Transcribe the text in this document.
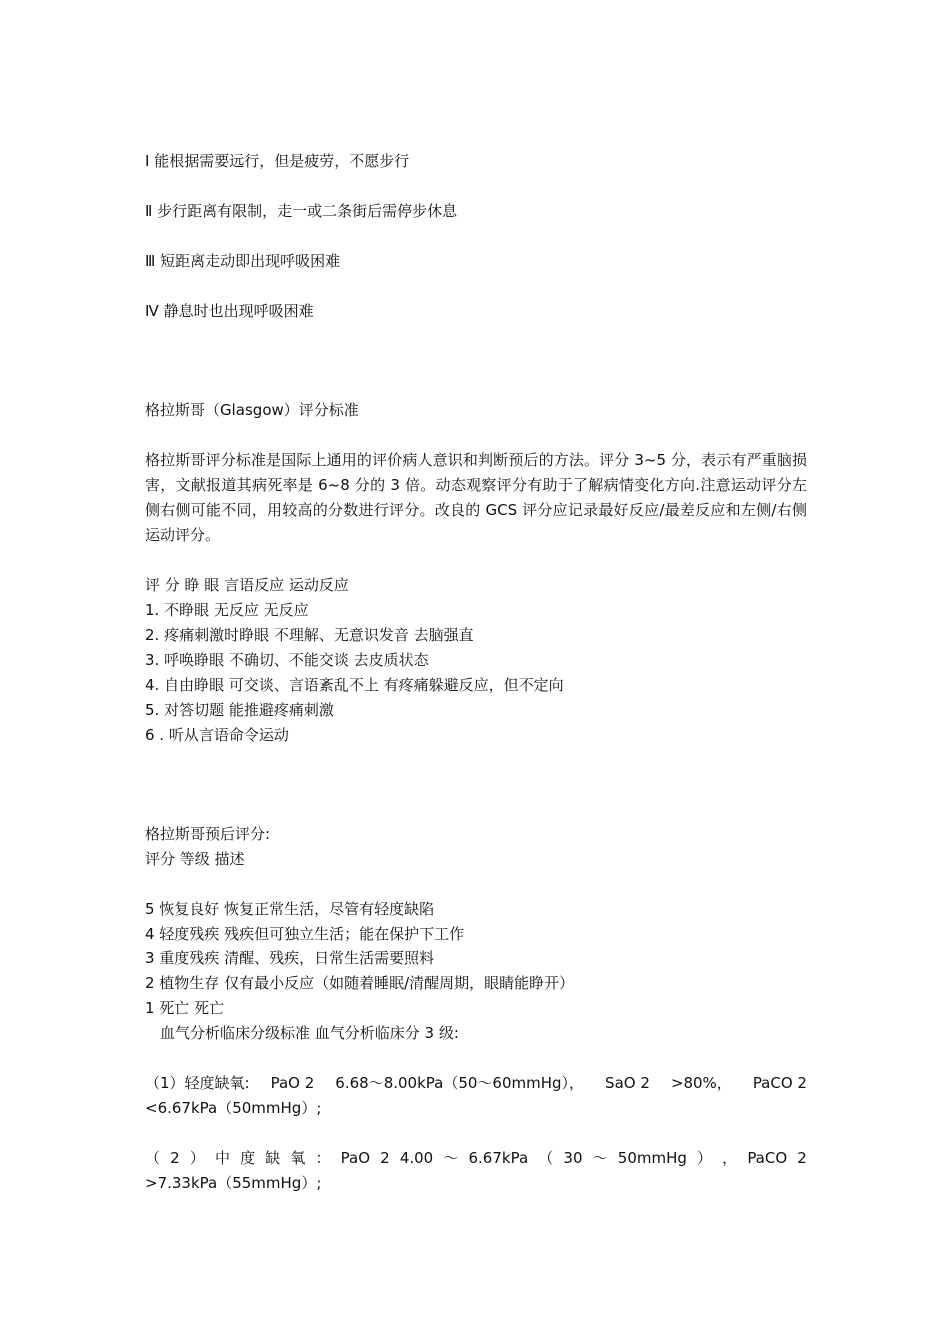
Ⅰ 能根据需要远行，但是疲劳，不愿步行
Ⅱ 步行距离有限制，走一或二条街后需停步休息
Ⅲ 短距离走动即出现呼吸困难
Ⅳ 静息时也出现呼吸困难
格拉斯哥（Glasgow）评分标准
格拉斯哥评分标准是国际上通用的评价病人意识和判断预后的方法。评分 3~5 分，表示有严重脑损害，文献报道其病死率是 6~8 分的 3 倍。动态观察评分有助于了解病情变化方向.注意运动评分左侧右侧可能不同，用较高的分数进行评分。改良的 GCS 评分应记录最好反应/最差反应和左侧/右侧运动评分。
评 分 睁 眼 言语反应 运动反应
1. 不睁眼 无反应 无反应
2. 疼痛刺激时睁眼 不理解、无意识发音 去脑强直
3. 呼唤睁眼 不确切、不能交谈 去皮质状态
4. 自由睁眼 可交谈、言语紊乱不上 有疼痛躲避反应，但不定向
5. 对答切题 能推避疼痛刺激
6 . 听从言语命令运动
格拉斯哥预后评分:
评分 等级 描述
5 恢复良好 恢复正常生活，尽管有轻度缺陷
4 轻度残疾 残疾但可独立生活；能在保护下工作
3 重度残疾 清醒、残疾，日常生活需要照料
2 植物生存 仅有最小反应（如随着睡眠/清醒周期，眼睛能睁开）
1 死亡 死亡
血气分析临床分级标准 血气分析临床分 3 级:
（1）轻度缺氧: PaO 2 6.68～8.00kPa（50～60mmHg）， SaO 2 >80%， PaCO 2
<6.67kPa（50mmHg）;
（ 2 ） 中 度 缺 氧 ： PaO 2 4.00 ～ 6.67kPa （ 30 ～ 50mmHg ） ， PaCO 2
>7.33kPa（55mmHg）;
